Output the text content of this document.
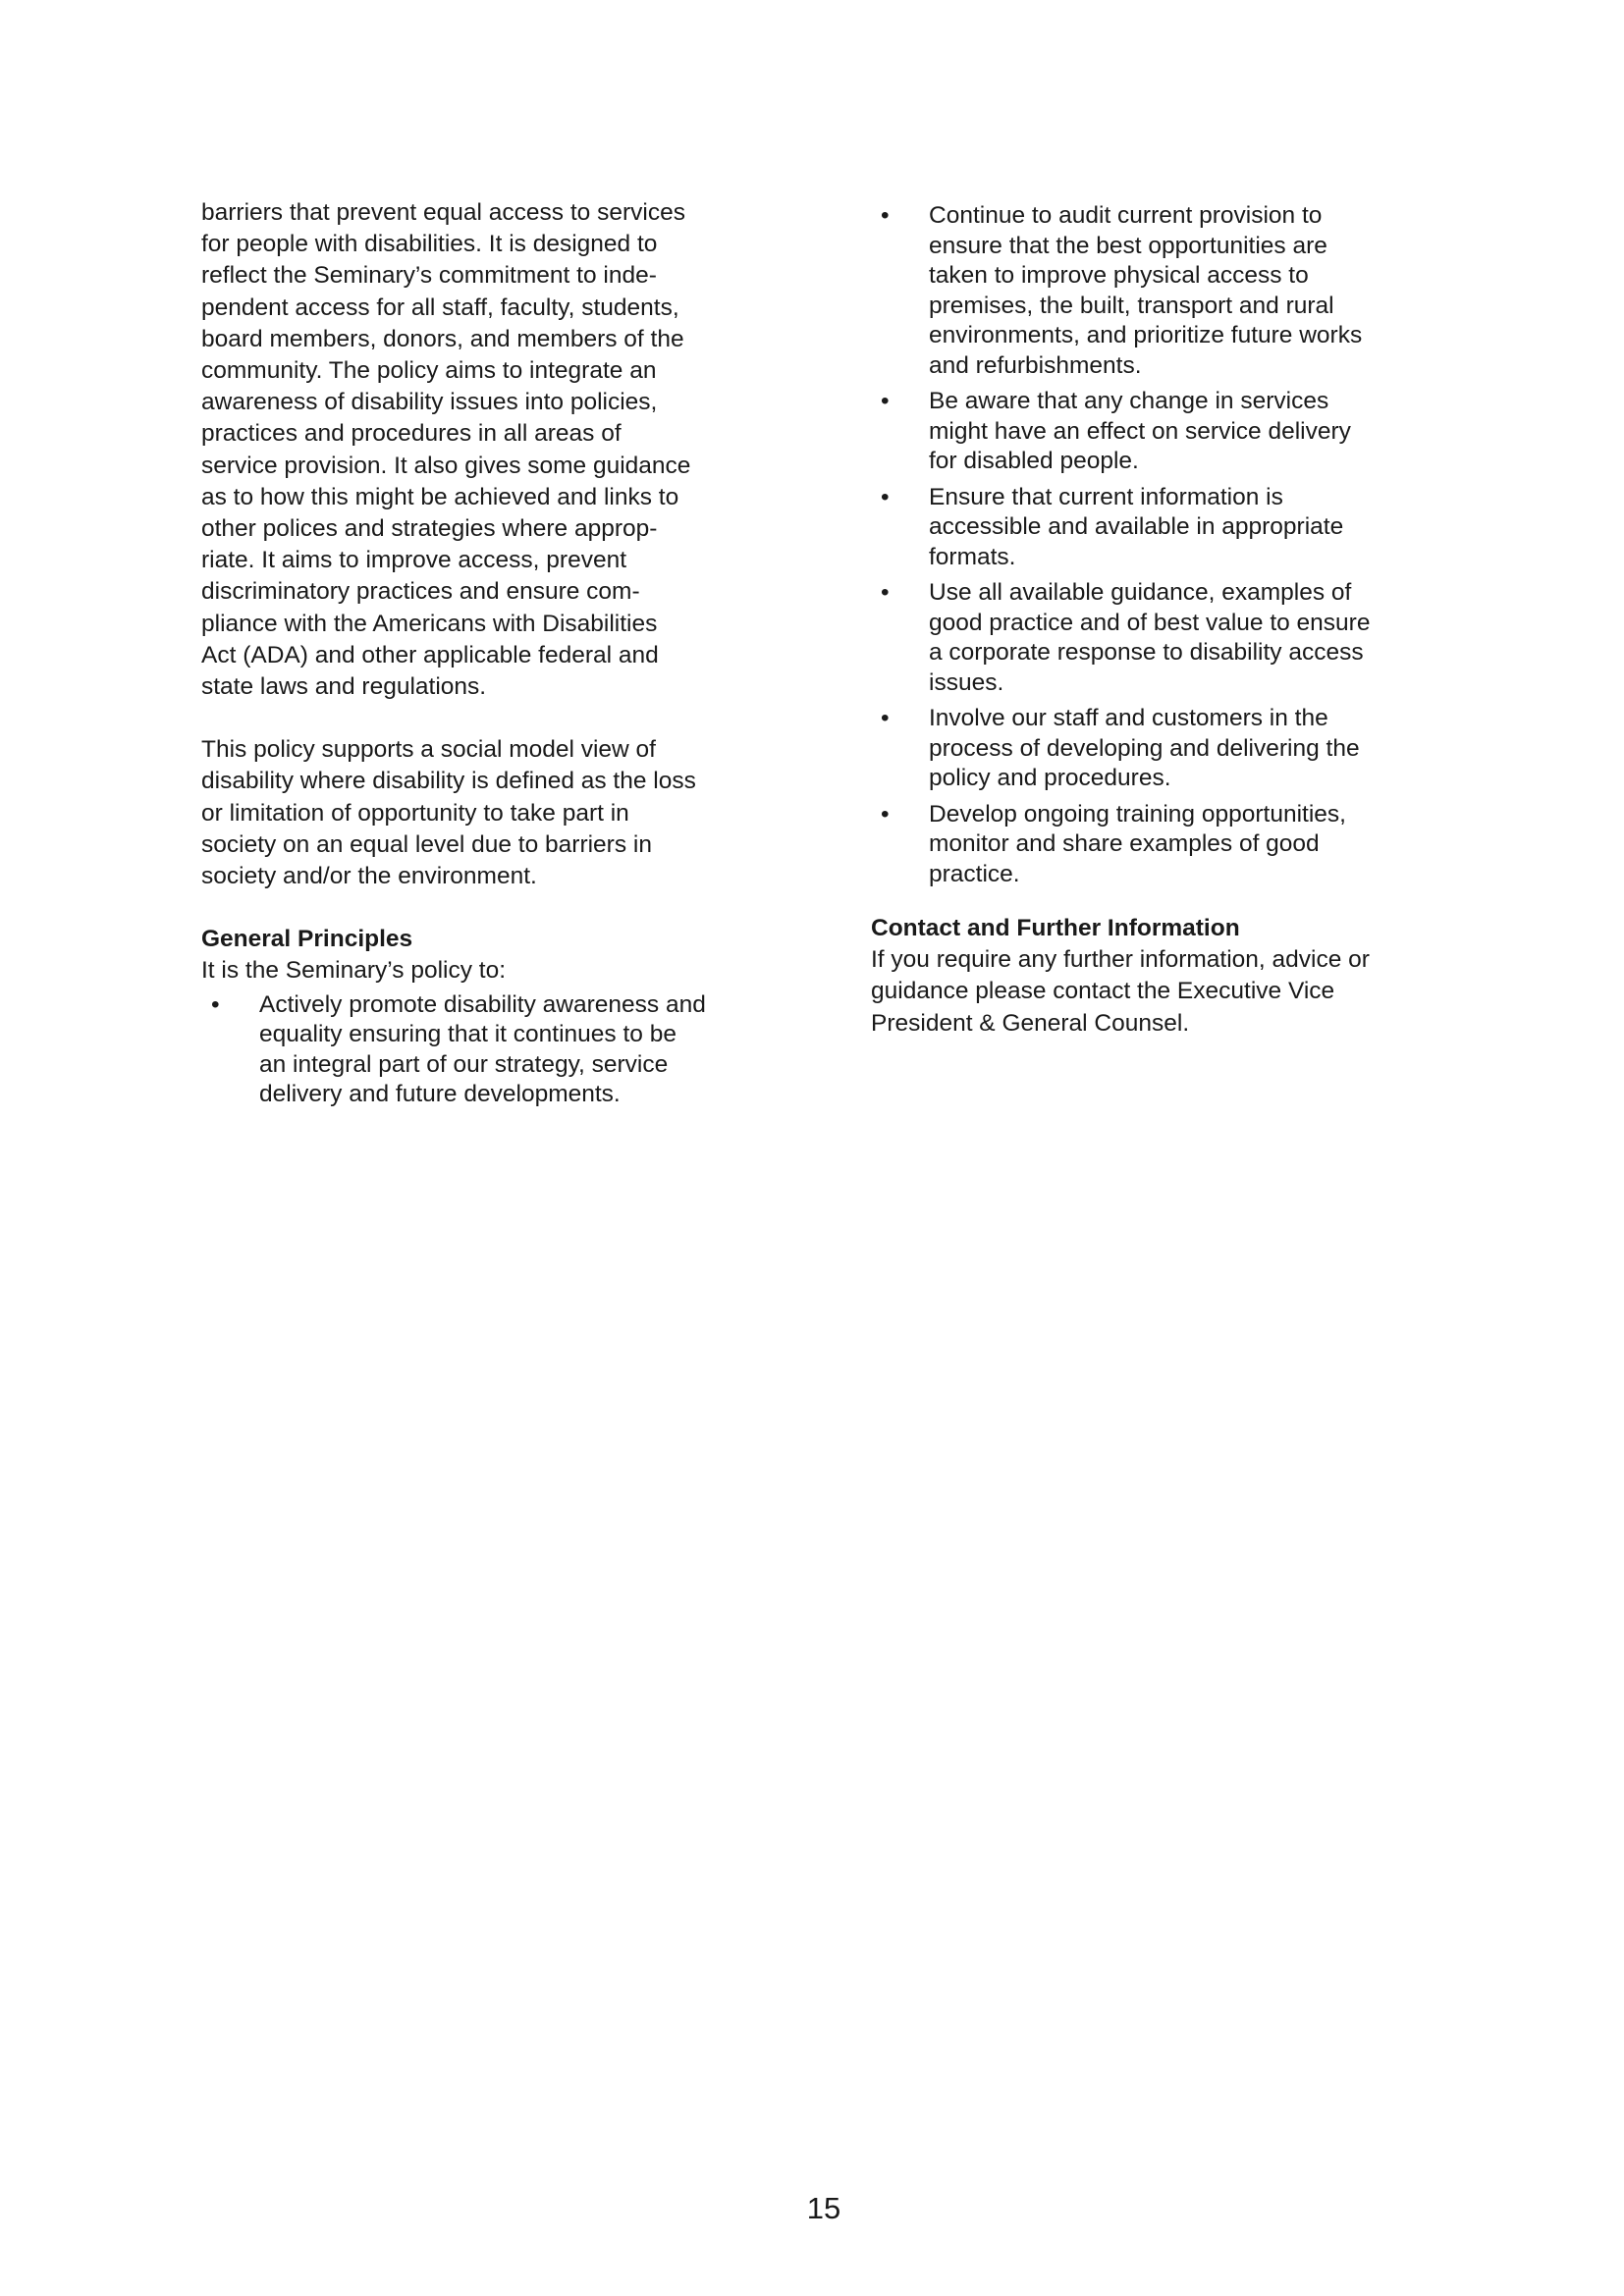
barriers that prevent equal access to services
for people with disabilities. It is designed to
reflect the Seminary’s commitment to inde-
pendent access for all staff, faculty, students,
board members, donors, and members of the
community. The policy aims to integrate an
awareness of disability issues into policies,
practices and procedures in all areas of
service provision. It also gives some guidance
as to how this might be achieved and links to
other polices and strategies where approp-
riate. It aims to improve access, prevent
discriminatory practices and ensure com-
pliance with the Americans with Disabilities
Act (ADA) and other applicable federal and
state laws and regulations.

This policy supports a social model view of
disability where disability is defined as the loss
or limitation of opportunity to take part in
society on an equal level due to barriers in
society and/or the environment.

General Principles

It is the Seminary’s policy to:

• Actively promote disability awareness and
equality ensuring that it continues to be
an integral part of our strategy, service
delivery and future developments.
• Continue to audit current provision to
ensure that the best opportunities are
taken to improve physical access to
premises, the built, transport and rural
environments, and prioritize future works
and refurbishments.
• Be aware that any change in services
might have an effect on service delivery
for disabled people.
• Ensure that current information is
accessible and available in appropriate
formats.
• Use all available guidance, examples of
good practice and of best value to ensure
a corporate response to disability access
issues.
• Involve our staff and customers in the
process of developing and delivering the
policy and procedures.
• Develop ongoing training opportunities,
monitor and share examples of good
practice.

Contact and Further Information

If you require any further information, advice or
guidance please contact the Executive Vice
President & General Counsel.

15
